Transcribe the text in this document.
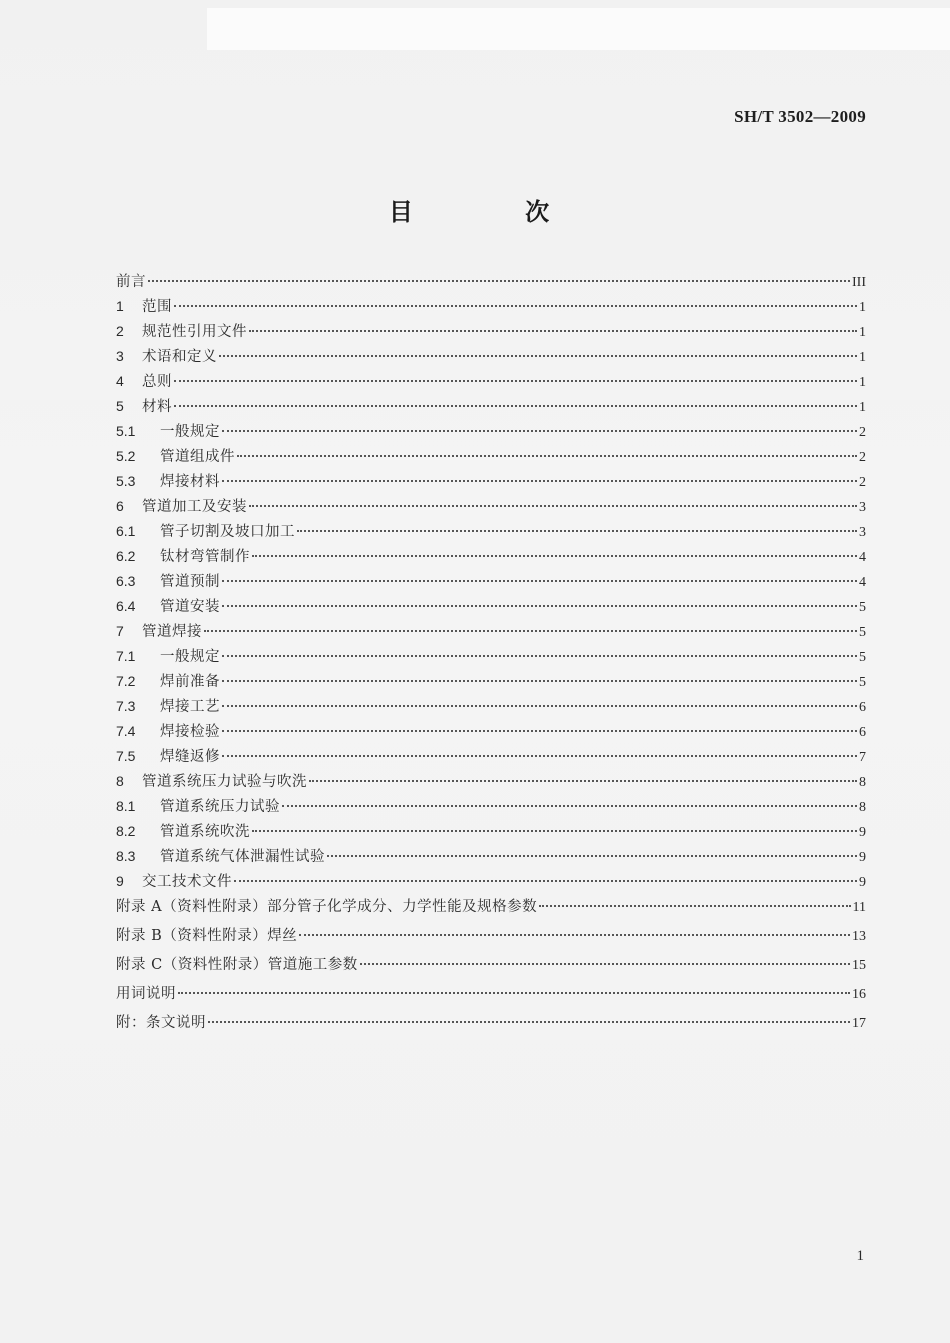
SH/T 3502—2009
目 次
前言	III
1	范围	1
2	规范性引用文件	1
3	术语和定义	1
4	总则	1
5	材料	1
5.1	一般规定	2
5.2	管道组成件	2
5.3	焊接材料	2
6	管道加工及安装	3
6.1	管子切割及坡口加工	3
6.2	钛材弯管制作	4
6.3	管道预制	4
6.4	管道安装	5
7	管道焊接	5
7.1	一般规定	5
7.2	焊前准备	5
7.3	焊接工艺	6
7.4	焊接检验	6
7.5	焊缝返修	7
8	管道系统压力试验与吹洗	8
8.1	管道系统压力试验	8
8.2	管道系统吹洗	9
8.3	管道系统气体泄漏性试验	9
9	交工技术文件	9
附录 A（资料性附录）部分管子化学成分、力学性能及规格参数	11
附录 B（资料性附录）焊丝	13
附录 C（资料性附录）管道施工参数	15
用词说明	16
附：条文说明	17
1
